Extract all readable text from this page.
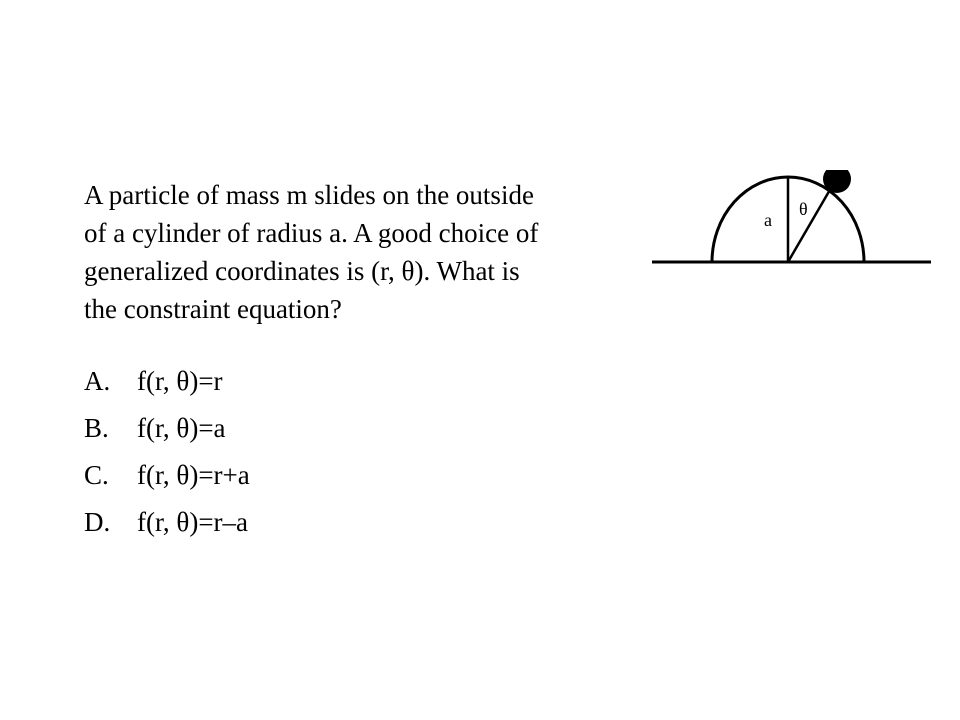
A particle of mass m slides on the outside
of a cylinder of radius a. A good choice of
generalized coordinates is (r, θ). What is
the constraint equation?

A. f(r, θ)=r
B.	f(r, θ)=a
C.	f(r, θ)=r+a
D. f(r, θ)=r–a
a
θ
